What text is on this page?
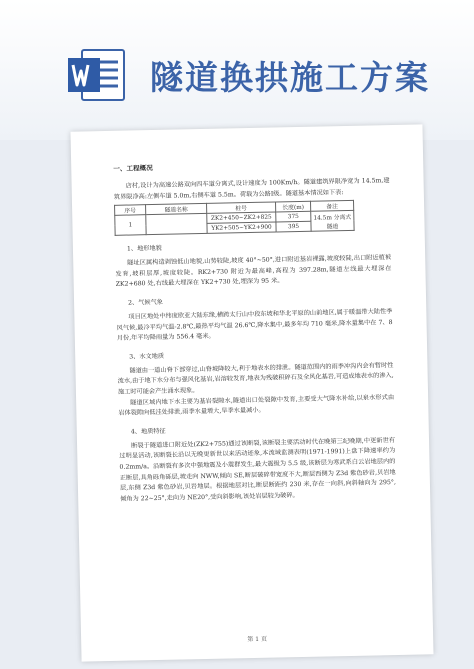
隧道换拱施工方案
一、工程概况

店村,设计为高速公路双向四车道分离式,设计速度为 100Km/h。隧道建筑界限净宽为 14.5m,建筑界限净高:左侧车道 5.0m,右侧车道 5.5m。荷载为公路Ⅰ级。隧道基本情况如下表:

序号	隧道名称	桩号	长度(m)	备注
1		ZK2+450~ZK2+825	375	14.5m 分离式隧道
		YK2+505~YK2+900	395	
1、地形地貌

隧址区属构造剥蚀低山地貌,山势较陡,坡度 40°~50°,进口附近基岩裸露,坡度较陡,出口附近植被发育,坡积层厚,坡度较陡。RK2+730 附近为最高峰,高程为 397.28m,隧道左线最大埋深在 ZK2+680 处,右线最大埋深在 YK2+730 处,埋深为 95 米。

2、气候气象

项目区地处中纬度欧亚大陆东缘,横跨太行山中段东坡和华北平原的山前地区,属于暖温带大陆性季风气候,最冷平均气温-2.8℃,最热平均气温 26.6℃,降水集中,最多年均 710 毫米,降水量集中在 7、8 月份,年平均降雨量为 556.4 毫米。

3、水文地质

隧道由一道山脊下部穿过,山脊坡降较大,利于地表水的排泄。隧道范围内的雨季冲沟内会有暂时性流水,由于地下水分布与强风化基岩,岩溶较发育,地表为残破积碎石及全风化基岩,可造成地表水的渗入,施工时可能会产生涌水现象。

隧道区域内地下水主要为基岩裂隙水,隧道出口处裂隙中发育,主要受大气降水补给,以泉水形式由岩体裂隙向低洼处排泄,雨季水量增大,旱季水量减小。

4、地质特征

断裂于隧道进口附近处(ZK2+755)通过该断裂,该断裂主要活动时代在晚第三纪晚期,中更新世有过明显活动,该断裂长沿以无晚更新世以来活动迹象,本流域监测表明(1971-1991)上盘下降速率约为 0.2mm/a。沿断裂有多次中强地震及小震群发生,最大震级为 5.5 级,该断层为寒武系白云岩地层内的正断层,具角砾角砾层,坡走向 NWW,倾向 SE,断层破碎带宽度不大,断层西侧为 Z3d 紫色砂岩,贝岩地层,东侧 Z3d 紫色砂岩,贝岩地层。根据地层对比,断层断距约 230 米,存在一向斜,向斜轴向为 295°,倾角为 22~25°,走向为 NE20°,受向斜影响,该处岩层较为破碎。

第 1 页
